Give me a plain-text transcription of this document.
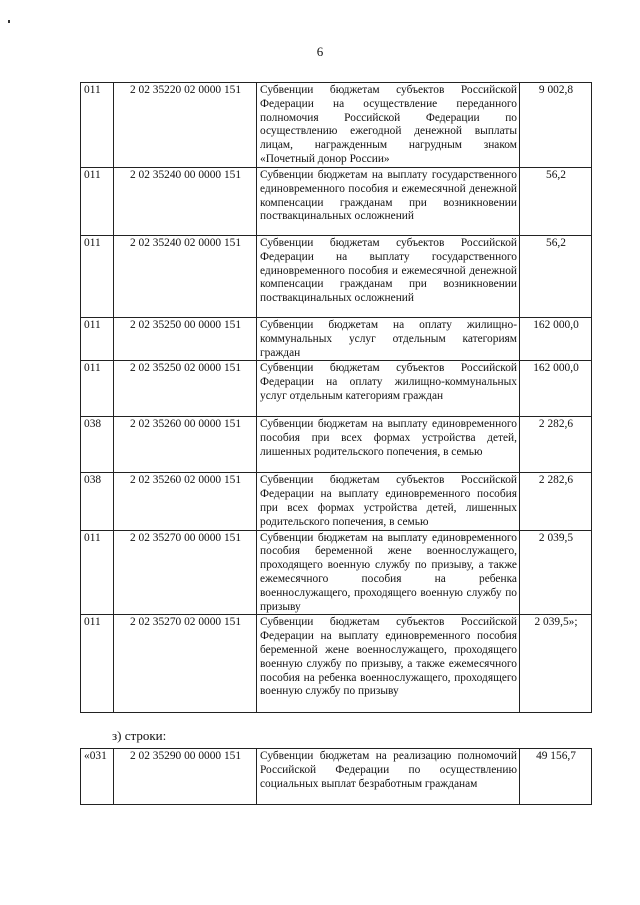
6
011	2 02 35220 02 0000 151	Субвенции бюджетам субъектов Российской Федерации на осуществление переданного полномочия Российской Федерации по осуществлению ежегодной денежной выплаты лицам, награжденным нагрудным знаком «Почетный донор России»	9 002,8
011	2 02 35240 00 0000 151	Субвенции бюджетам на выплату государственного единовременного пособия и ежемесячной денежной компенсации гражданам при возникновении поствакцинальных осложнений	56,2
011	2 02 35240 02 0000 151	Субвенции бюджетам субъектов Российской Федерации на выплату государственного единовременного пособия и ежемесячной денежной компенсации гражданам при возникновении поствакцинальных осложнений	56,2
011	2 02 35250 00 0000 151	Субвенции бюджетам на оплату жилищно-коммунальных услуг отдельным категориям граждан	162 000,0
011	2 02 35250 02 0000 151	Субвенции бюджетам субъектов Российской Федерации на оплату жилищно-коммунальных услуг отдельным категориям граждан	162 000,0
038	2 02 35260 00 0000 151	Субвенции бюджетам на выплату единовременного пособия при всех формах устройства детей, лишенных родительского попечения, в семью	2 282,6
038	2 02 35260 02 0000 151	Субвенции бюджетам субъектов Российской Федерации на выплату единовременного пособия при всех формах устройства детей, лишенных родительского попечения, в семью	2 282,6
011	2 02 35270 00 0000 151	Субвенции бюджетам на выплату единовременного пособия беременной жене военнослужащего, проходящего военную службу по призыву, а также ежемесячного пособия на ребенка военнослужащего, проходящего военную службу по призыву	2 039,5
011	2 02 35270 02 0000 151	Субвенции бюджетам субъектов Российской Федерации на выплату единовременного пособия беременной жене военнослужащего, проходящего военную службу по призыву, а также ежемесячного пособия на ребенка военнослужащего, проходящего военную службу по призыву	2 039,5»;
з) строки:
«031	2 02 35290 00 0000 151	Субвенции бюджетам на реализацию полномочий Российской Федерации по осуществлению социальных выплат безработным гражданам	49 156,7
